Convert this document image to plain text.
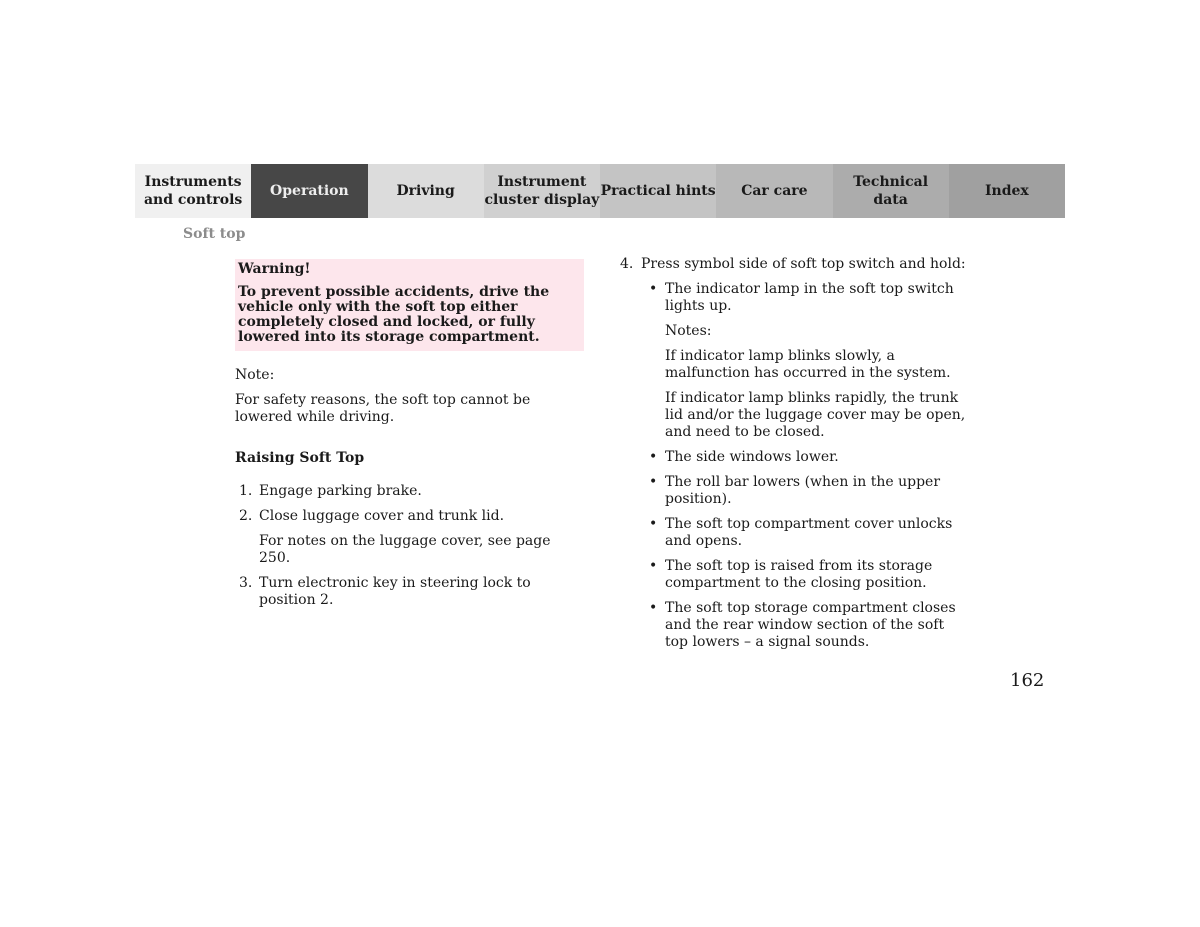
Instruments
and controls
Operation	Driving
Instrument
cluster display
Practical hints	Car care
Technical
data
Index
Soft top
Warning!
To prevent possible accidents, drive the vehicle only with the soft top either completely closed and locked, or fully lowered into its storage compartment.

Note:

For safety reasons, the soft top cannot be lowered while driving.

Raising Soft Top

1. Engage parking brake.
2. Close luggage cover and trunk lid.
For notes on the luggage cover, see page 250.
3. Turn electronic key in steering lock to position 2.
4. Press symbol side of soft top switch and hold:
• The indicator lamp in the soft top switch lights up.
Notes:
If indicator lamp blinks slowly, a malfunction has occurred in the system.
If indicator lamp blinks rapidly, the trunk lid and/or the luggage cover may be open, and need to be closed.
• The side windows lower.
• The roll bar lowers (when in the upper position).
• The soft top compartment cover unlocks and opens.
• The soft top is raised from its storage compartment to the closing position.
• The soft top storage compartment closes and the rear window section of the soft top lowers – a signal sounds.
162
